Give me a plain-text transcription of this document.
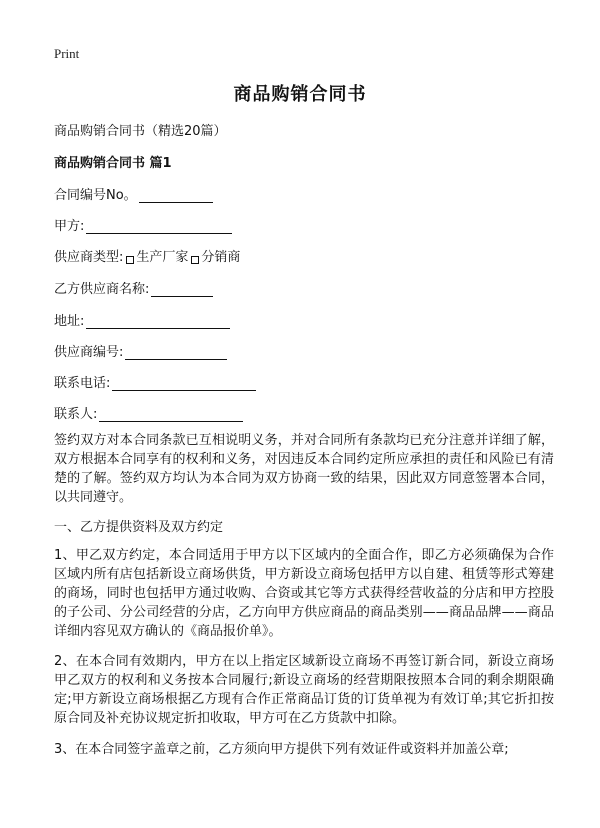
Print
商品购销合同书
商品购销合同书（精选20篇）
商品购销合同书 篇1
合同编号No。
甲方:
供应商类型: 生产厂家 分销商
乙方供应商名称:
地址:
供应商编号:
联系电话:
联系人:
签约双方对本合同条款已互相说明义务，并对合同所有条款均已充分注意并详细了解，双方根据本合同享有的权利和义务，对因违反本合同约定所应承担的责任和风险已有清楚的了解。签约双方均认为本合同为双方协商一致的结果，因此双方同意签署本合同，以共同遵守。
一、乙方提供资料及双方约定
1、甲乙双方约定，本合同适用于甲方以下区域内的全面合作，即乙方必须确保为合作区域内所有店包括新设立商场供货，甲方新设立商场包括甲方以自建、租赁等形式筹建的商场，同时也包括甲方通过收购、合资或其它等方式获得经营收益的分店和甲方控股的子公司、分公司经营的分店，乙方向甲方供应商品的商品类别——商品品牌——商品详细内容见双方确认的《商品报价单》。
2、在本合同有效期内，甲方在以上指定区域新设立商场不再签订新合同，新设立商场甲乙双方的权利和义务按本合同履行;新设立商场的经营期限按照本合同的剩余期限确定;甲方新设立商场根据乙方现有合作正常商品订货的订货单视为有效订单;其它折扣按原合同及补充协议规定折扣收取，甲方可在乙方货款中扣除。
3、在本合同签字盖章之前，乙方须向甲方提供下列有效证件或资料并加盖公章;
